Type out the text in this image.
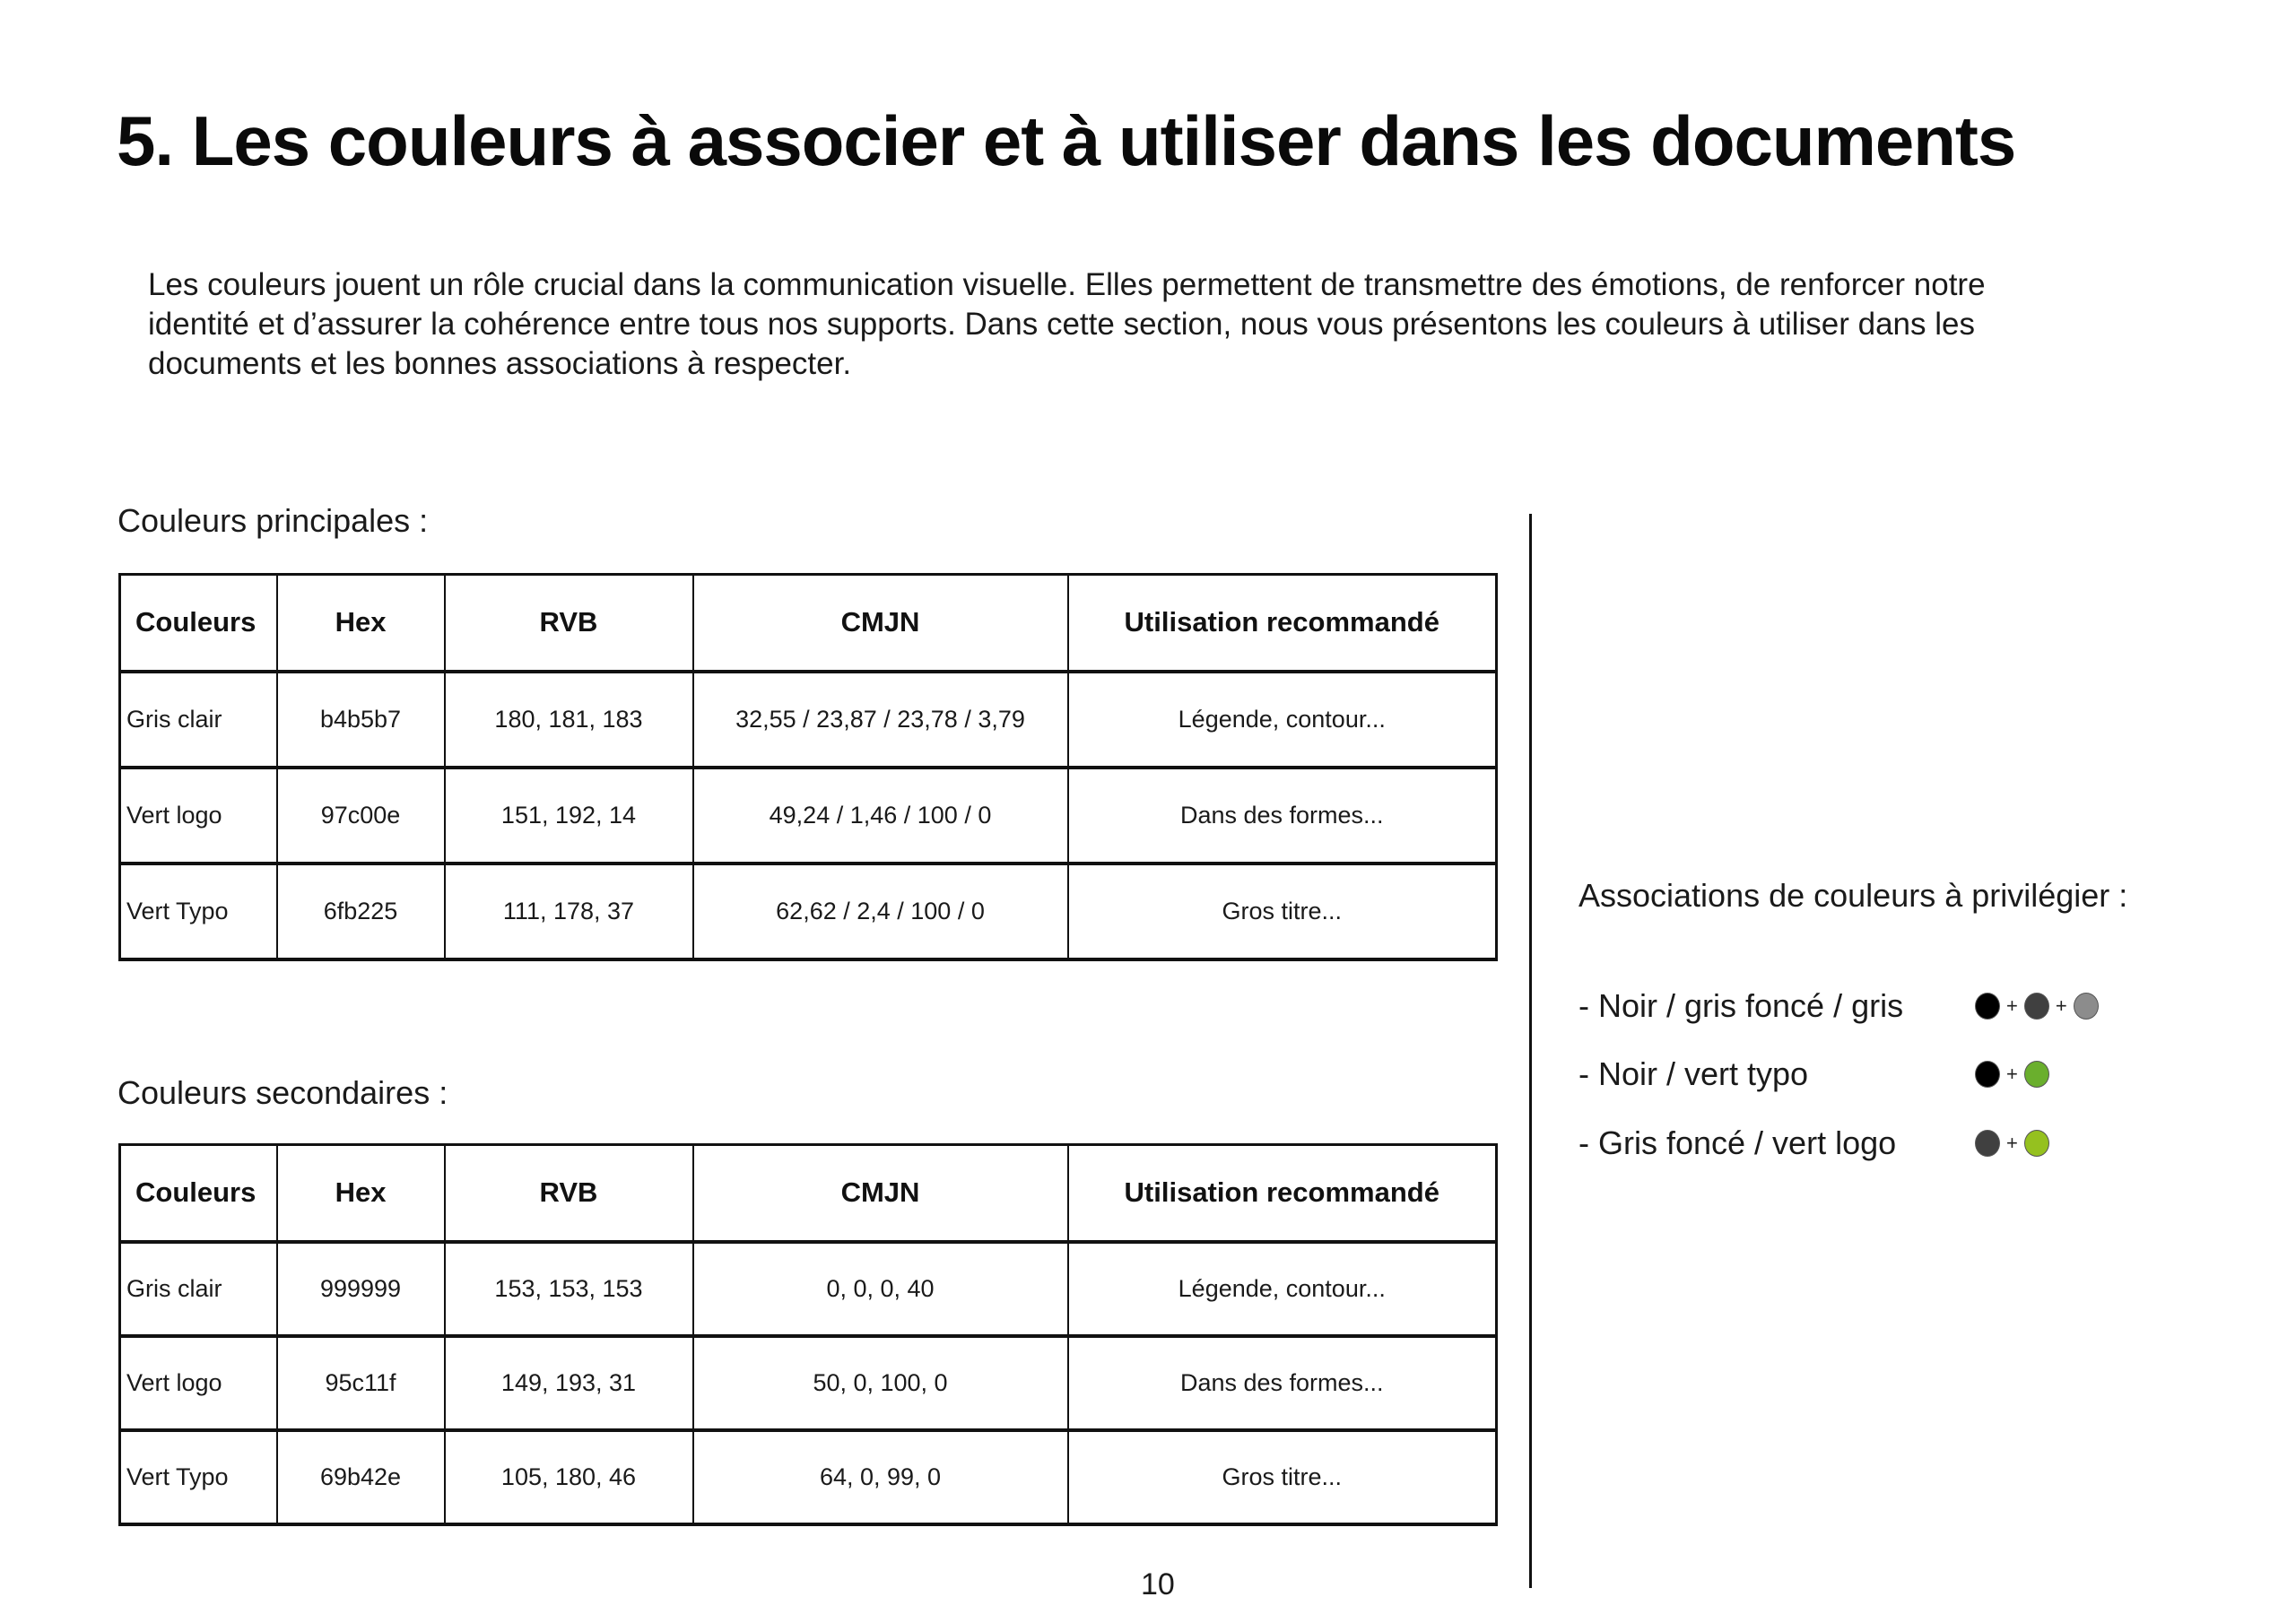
5. Les couleurs à associer et à utiliser dans les documents

Les couleurs jouent un rôle crucial dans la communication visuelle. Elles permettent de transmettre des émotions, de renforcer notre identité et d’assurer la cohérence entre tous nos supports. Dans cette section, nous vous présentons les couleurs à utiliser dans les documents et les bonnes associations à respecter.

Couleurs principales :

Couleurs	Hex	RVB	CMJN	Utilisation recommandé
Gris clair	b4b5b7	180, 181, 183	32,55 / 23,87 / 23,78 / 3,79	Légende, contour...
Vert logo	97c00e	151, 192, 14	49,24 / 1,46 / 100 / 0	Dans des formes...
Vert Typo	6fb225	111, 178, 37	62,62 / 2,4 / 100 / 0	Gros titre...

Couleurs secondaires :

Couleurs	Hex	RVB	CMJN	Utilisation recommandé
Gris clair	999999	153, 153, 153	0, 0, 0, 40	Légende, contour...
Vert logo	95c11f	149, 193, 31	50, 0, 100, 0	Dans des formes...
Vert Typo	69b42e	105, 180, 46	64, 0, 99, 0	Gros titre...

Associations de couleurs à privilégier :

- Noir / gris foncé / gris	+ +
- Noir / vert typo	+
- Gris foncé / vert logo	+

10
